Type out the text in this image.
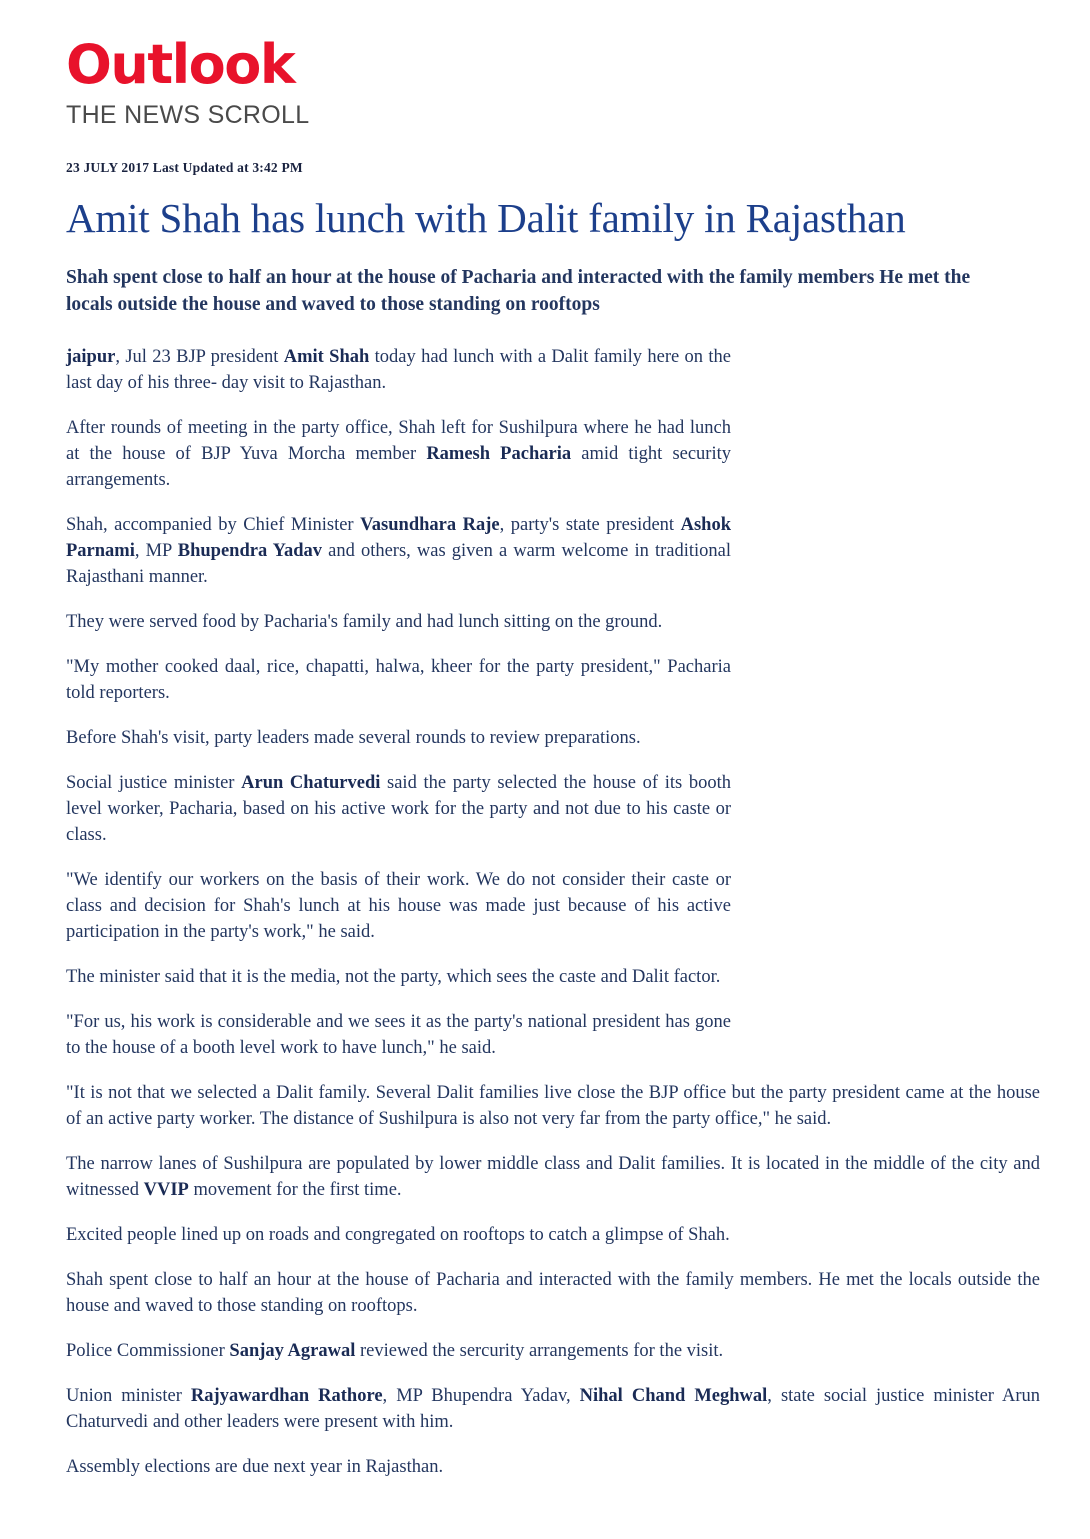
Outlook
THE NEWS SCROLL
23 JULY 2017 Last Updated at 3:42 PM
Amit Shah has lunch with Dalit family in Rajasthan
Shah spent close to half an hour at the house of Pacharia and interacted with the family members He met the locals outside the house and waved to those standing on rooftops

jaipur, Jul 23 BJP president Amit Shah today had lunch with a Dalit family here on the last day of his three- day visit to Rajasthan.

After rounds of meeting in the party office, Shah left for Sushilpura where he had lunch at the house of BJP Yuva Morcha member Ramesh Pacharia amid tight security arrangements.

Shah, accompanied by Chief Minister Vasundhara Raje, party's state president Ashok Parnami, MP Bhupendra Yadav and others, was given a warm welcome in traditional Rajasthani manner.

They were served food by Pacharia's family and had lunch sitting on the ground.

"My mother cooked daal, rice, chapatti, halwa, kheer for the party president," Pacharia told reporters.

Before Shah's visit, party leaders made several rounds to review preparations.

Social justice minister Arun Chaturvedi said the party selected the house of its booth level worker, Pacharia, based on his active work for the party and not due to his caste or class.

"We identify our workers on the basis of their work. We do not consider their caste or class and decision for Shah's lunch at his house was made just because of his active participation in the party's work," he said.

The minister said that it is the media, not the party, which sees the caste and Dalit factor.

"For us, his work is considerable and we sees it as the party's national president has gone to the house of a booth level work to have lunch," he said.

"It is not that we selected a Dalit family. Several Dalit families live close the BJP office but the party president came at the house of an active party worker. The distance of Sushilpura is also not very far from the party office," he said.

The narrow lanes of Sushilpura are populated by lower middle class and Dalit families. It is located in the middle of the city and witnessed VVIP movement for the first time.

Excited people lined up on roads and congregated on rooftops to catch a glimpse of Shah.

Shah spent close to half an hour at the house of Pacharia and interacted with the family members. He met the locals outside the house and waved to those standing on rooftops.

Police Commissioner Sanjay Agrawal reviewed the sercurity arrangements for the visit.

Union minister Rajyawardhan Rathore, MP Bhupendra Yadav, Nihal Chand Meghwal, state social justice minister Arun Chaturvedi and other leaders were present with him.

Assembly elections are due next year in Rajasthan.
